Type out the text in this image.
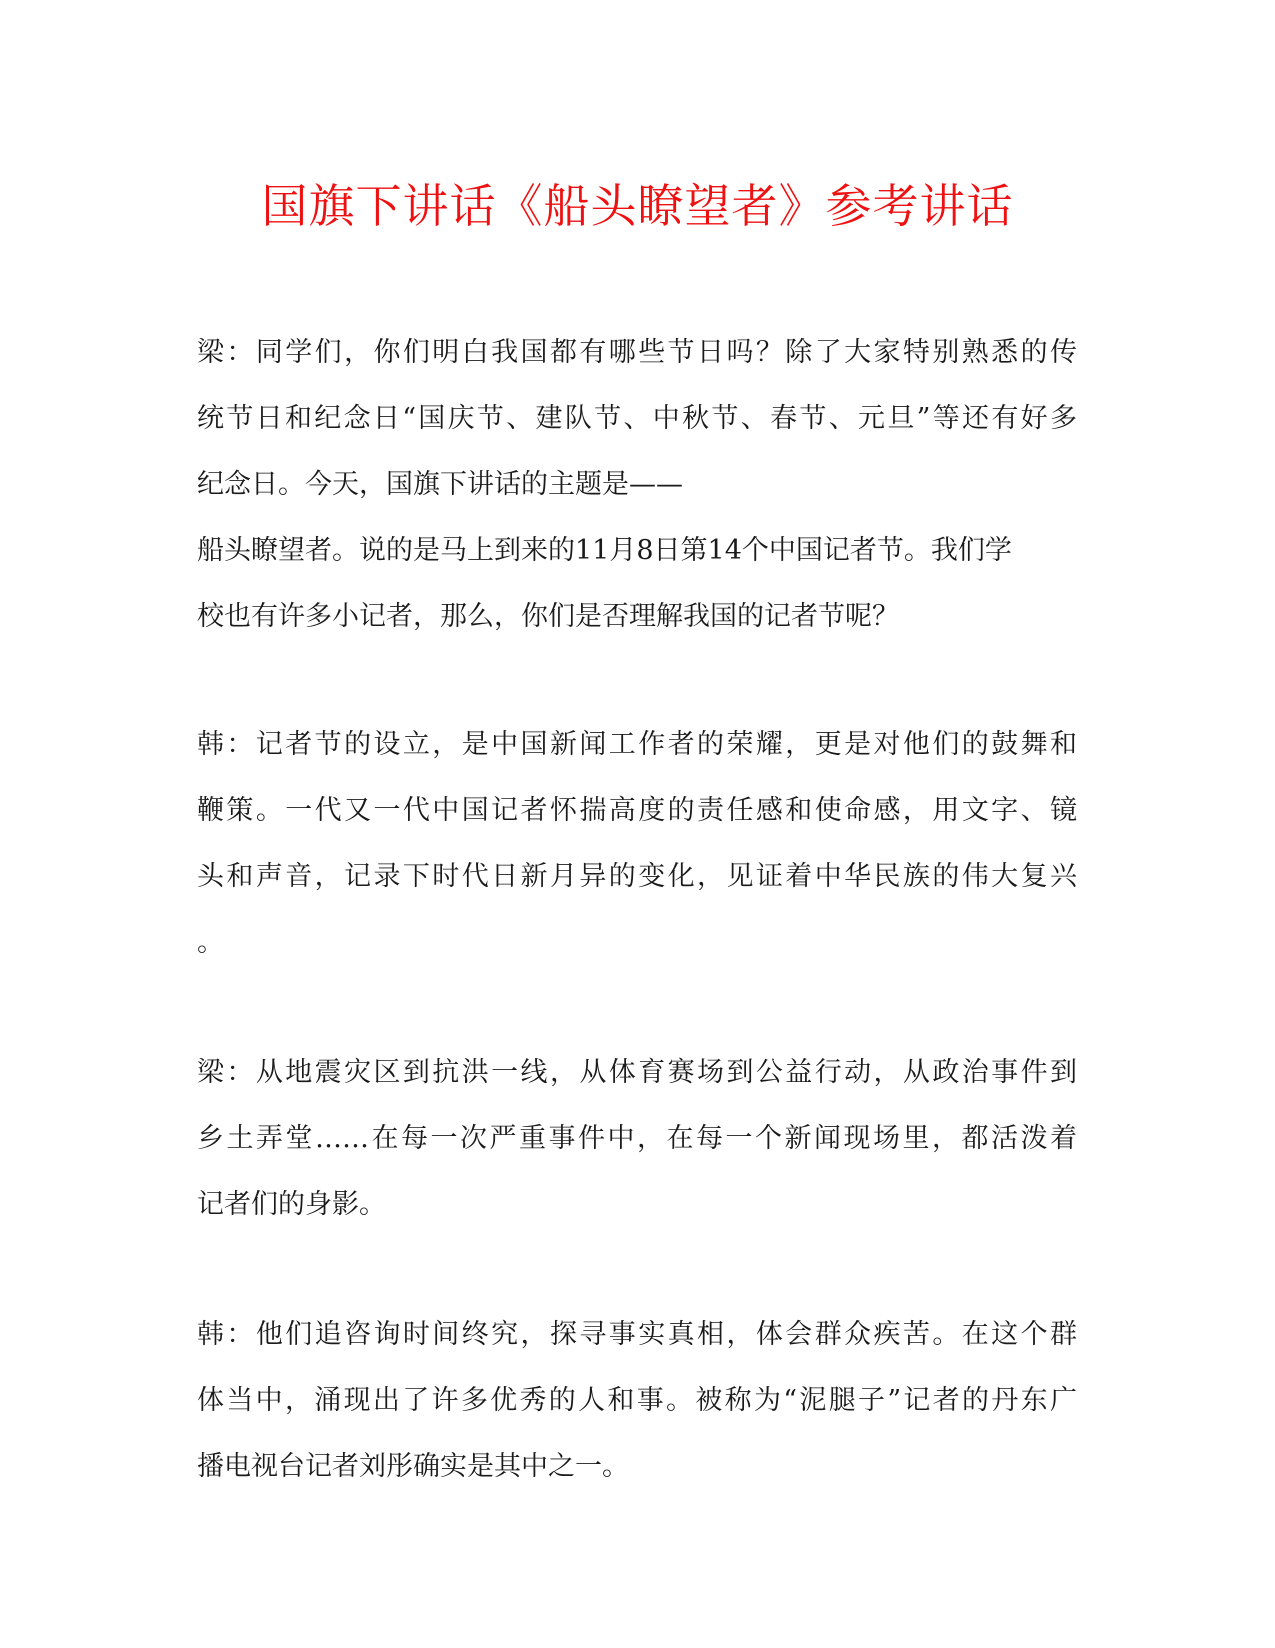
国旗下讲话《船头瞭望者》参考讲话
梁：同学们，你们明白我国都有哪些节日吗？除了大家特别熟悉的传
统节日和纪念日“国庆节、建队节、中秋节、春节、元旦”等还有好多
纪念日。今天，国旗下讲话的主题是——
船头瞭望者。说的是马上到来的11月8日第14个中国记者节。我们学
校也有许多小记者，那么，你们是否理解我国的记者节呢？
韩：记者节的设立，是中国新闻工作者的荣耀，更是对他们的鼓舞和
鞭策。一代又一代中国记者怀揣高度的责任感和使命感，用文字、镜
头和声音，记录下时代日新月异的变化，见证着中华民族的伟大复兴
。
梁：从地震灾区到抗洪一线，从体育赛场到公益行动，从政治事件到
乡土弄堂……在每一次严重事件中，在每一个新闻现场里，都活泼着
记者们的身影。
韩：他们追咨询时间终究，探寻事实真相，体会群众疾苦。在这个群
体当中，涌现出了许多优秀的人和事。被称为“泥腿子”记者的丹东广
播电视台记者刘彤确实是其中之一。
